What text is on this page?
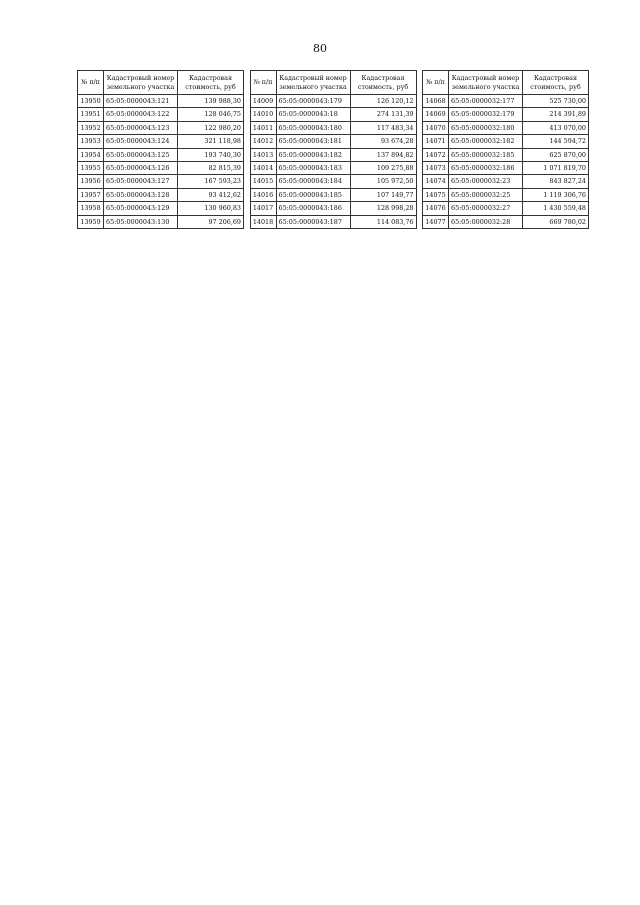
80
№ п/п	Кадастровый номер земельного участка	Кадастровая стоимость, руб
13950	65:05:0000043:121	139 988,30
13951	65:05:0000043:122	128 046,75
13952	65:05:0000043:123	122 980,20
13953	65:05:0000043:124	321 118,98
13954	65:05:0000043:125	193 740,30
13955	65:05:0000043:126	82 815,39
13956	65:05:0000043:127	167 593,23
13957	65:05:0000043:128	93 412,62
13958	65:05:0000043:129	130 960,83
13959	65:05:0000043:130	97 206,69
№ п/п	Кадастровый номер земельного участка	Кадастровая стоимость, руб
14009	65:05:0000043:179	126 120,12
14010	65:05:0000043:18	274 131,39
14011	65:05:0000043:180	117 483,34
14012	65:05:0000043:181	93 674,28
14013	65:05:0000043:182	137 894,82
14014	65:05:0000043:183	109 275,88
14015	65:05:0000043:184	105 972,50
14016	65:05:0000043:185	107 149,77
14017	65:05:0000043:186	128 998,28
14018	65:05:0000043:187	114 083,76
№ п/п	Кадастровый номер земельного участка	Кадастровая стоимость, руб
14068	65:05:0000032:177	525 730,00
14069	65:05:0000032:179	214 391,89
14070	65:05:0000032:180	413 070,00
14071	65:05:0000032:182	144 594,72
14072	65:05:0000032:185	625 870,00
14073	65:05:0000032:186	1 071 819,70
14074	65:05:0000032:23	843 827,24
14075	65:05:0000032:25	1 119 306,76
14076	65:05:0000032:27	1 430 559,48
14077	65:05:0000032:28	669 780,02
